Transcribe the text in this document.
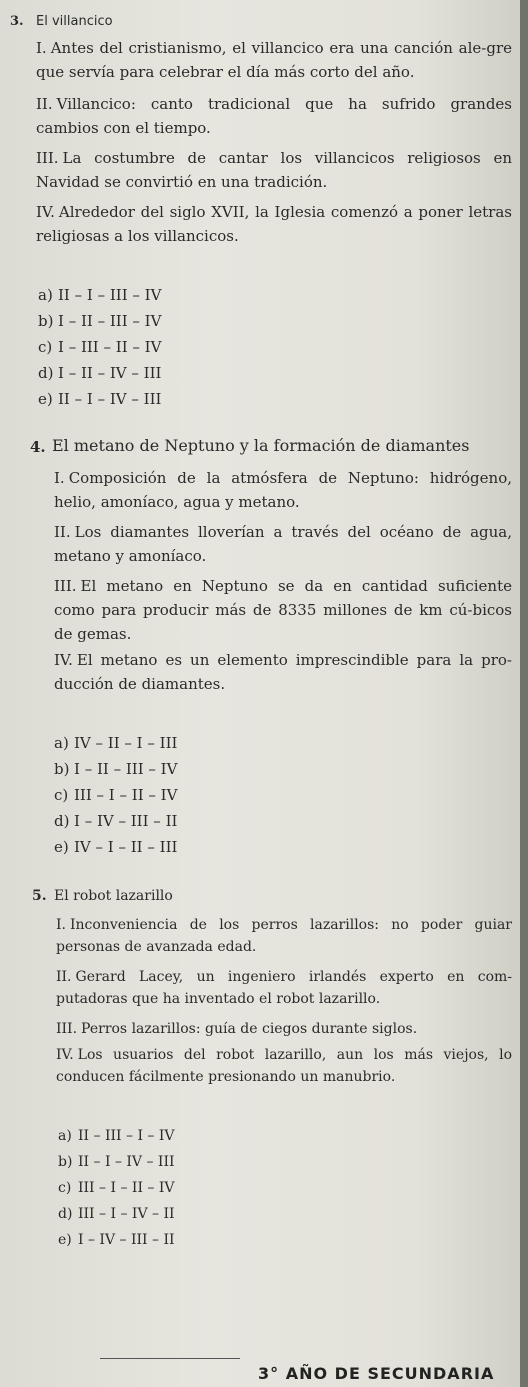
3. El villancico
I. Antes del cristianismo, el villancico era una canción ale-gre que servía para celebrar el día más corto del año.
II. Villancico: canto tradicional que ha sufrido grandes cambios con el tiempo.
III. La costumbre de cantar los villancicos religiosos en Navidad se convirtió en una tradición.
IV. Alrededor del siglo XVII, la Iglesia comenzó a poner letras religiosas a los villancicos.
a) II – I – III – IV
b) I – II – III – IV
c) I – III – II – IV
d) I – II – IV – III
e) II – I – IV – III
4. El metano de Neptuno y la formación de diamantes
I. Composición de la atmósfera de Neptuno: hidrógeno, helio, amoníaco, agua y metano.
II. Los diamantes lloverían a través del océano de agua, metano y amoníaco.
III. El metano en Neptuno se da en cantidad suficiente como para producir más de 8335 millones de km cú-bicos de gemas.
IV. El metano es un elemento imprescindible para la pro-ducción de diamantes.
a) IV – II – I – III
b) I – II – III – IV
c) III – I – II – IV
d) I – IV – III – II
e) IV – I – II – III
5. El robot lazarillo
I. Inconveniencia de los perros lazarillos: no poder guiar personas de avanzada edad.
II. Gerard Lacey, un ingeniero irlandés experto en com-putadoras que ha inventado el robot lazarillo.
III. Perros lazarillos: guía de ciegos durante siglos.
IV. Los usuarios del robot lazarillo, aun los más viejos, lo conducen fácilmente presionando un manubrio.
a) II – III – I – IV
b) II – I – IV – III
c) III – I – II – IV
d) III – I – IV – II
e) I – IV – III – II
3° AÑO DE SECUNDARIA
